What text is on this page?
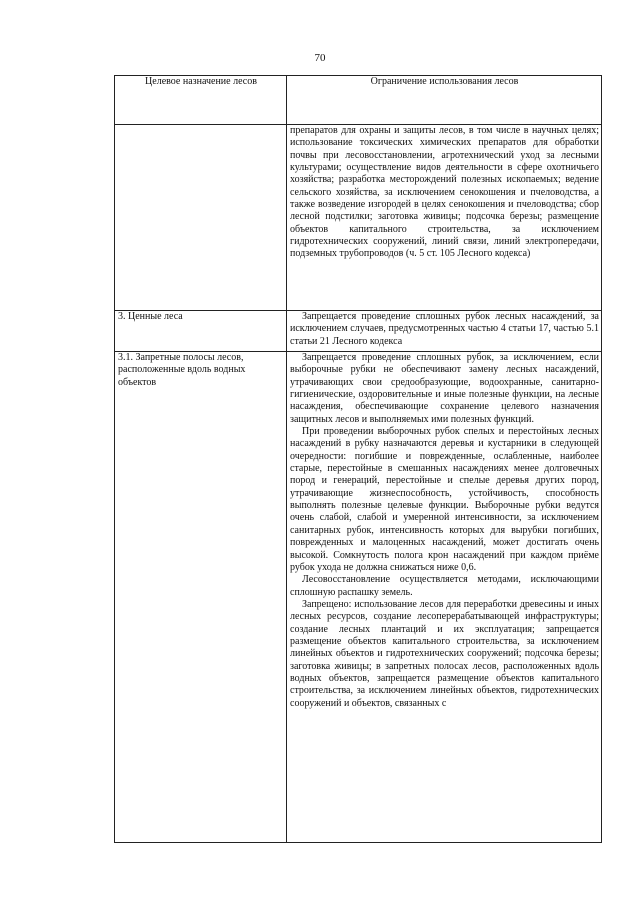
70
Целевое назначение лесов	Ограничение использования лесов

	препаратов для охраны и защиты лесов, в том числе в научных целях; использование токсических химических препаратов для обработки почвы при лесовосстановлении, агротехнический уход за лесными культурами; осуществление видов деятельности в сфере охотничьего хозяйства; разработка месторождений полезных ископаемых; ведение сельского хозяйства, за исключением сенокошения и пчеловодства, а также возведение изгородей в целях сенокошения и пчеловодства; сбор лесной подстилки; заготовка живицы; подсочка березы; размещение объектов капитального строительства, за исключением гидротехнических сооружений, линий связи, линий электропередачи, подземных трубопроводов (ч. 5 ст. 105 Лесного кодекса)

3. Ценные леса	Запрещается проведение сплошных рубок лесных насаждений, за исключением случаев, предусмотренных частью 4 статьи 17, частью 5.1 статьи 21 Лесного кодекса

3.1. Запретные полосы лесов, расположенные вдоль водных объектов	Запрещается проведение сплошных рубок, за исключением, если выборочные рубки не обеспечивают замену лесных насаждений, утрачивающих свои средообразующие, водоохранные, санитарно-гигиенические, оздоровительные и иные полезные функции, на лесные насаждения, обеспечивающие сохранение целевого назначения защитных лесов и выполняемых ими полезных функций.

При проведении выборочных рубок спелых и перестойных лесных насаждений в рубку назначаются деревья и кустарники в следующей очередности: погибшие и поврежденные, ослабленные, наиболее старые, перестойные в смешанных насаждениях менее долговечных пород и генераций, перестойные и спелые деревья других пород, утрачивающие жизнеспособность, устойчивость, способность выполнять полезные целевые функции. Выборочные рубки ведутся очень слабой, слабой и умеренной интенсивности, за исключением санитарных рубок, интенсивность которых для вырубки погибших, поврежденных и малоценных насаждений, может достигать очень высокой. Сомкнутость полога крон насаждений при каждом приёме рубок ухода не должна снижаться ниже 0,6.

Лесовосстановление осуществляется методами, исключающими сплошную распашку земель.

Запрещено: использование лесов для переработки древесины и иных лесных ресурсов, создание лесоперерабатывающей инфраструктуры; создание лесных плантаций и их эксплуатация; запрещается размещение объектов капитального строительства, за исключением линейных объектов и гидротехнических сооружений; подсочка березы; заготовка живицы; в запретных полосах лесов, расположенных вдоль водных объектов, запрещается размещение объектов капитального строительства, за исключением линейных объектов, гидротехнических сооружений и объектов, связанных с
